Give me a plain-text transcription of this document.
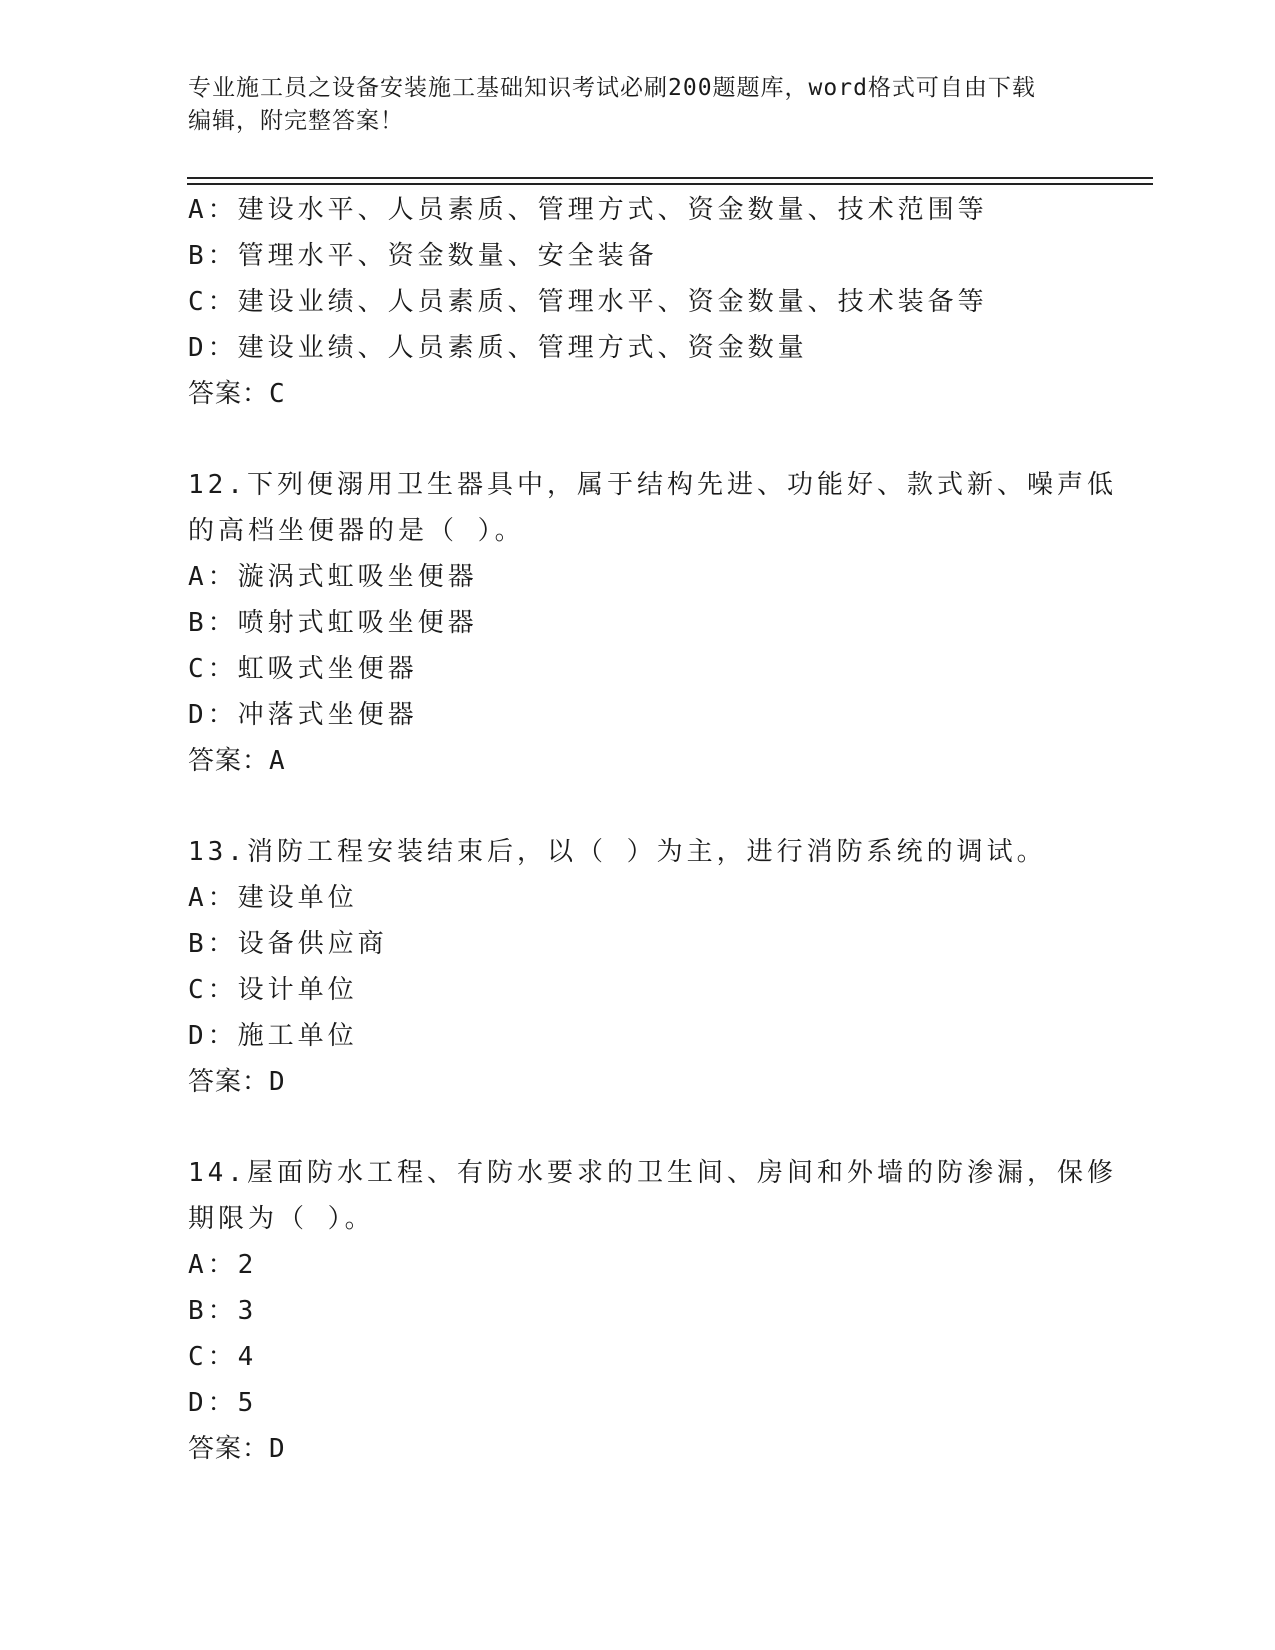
专业施工员之设备安装施工基础知识考试必刷200题题库，word格式可自由下载
编辑，附完整答案！
A：建设水平、人员素质、管理方式、资金数量、技术范围等
B：管理水平、资金数量、安全装备
C：建设业绩、人员素质、管理水平、资金数量、技术装备等
D：建设业绩、人员素质、管理方式、资金数量
答案：C
12.下列便溺用卫生器具中，属于结构先进、功能好、款式新、噪声低
的高档坐便器的是（ ）。
A：漩涡式虹吸坐便器
B：喷射式虹吸坐便器
C：虹吸式坐便器
D：冲落式坐便器
答案：A
13.消防工程安装结束后，以（ ）为主，进行消防系统的调试。
A：建设单位
B：设备供应商
C：设计单位
D：施工单位
答案：D
14.屋面防水工程、有防水要求的卫生间、房间和外墙的防渗漏，保修
期限为（ ）。
A：2
B：3
C：4
D：5
答案：D
